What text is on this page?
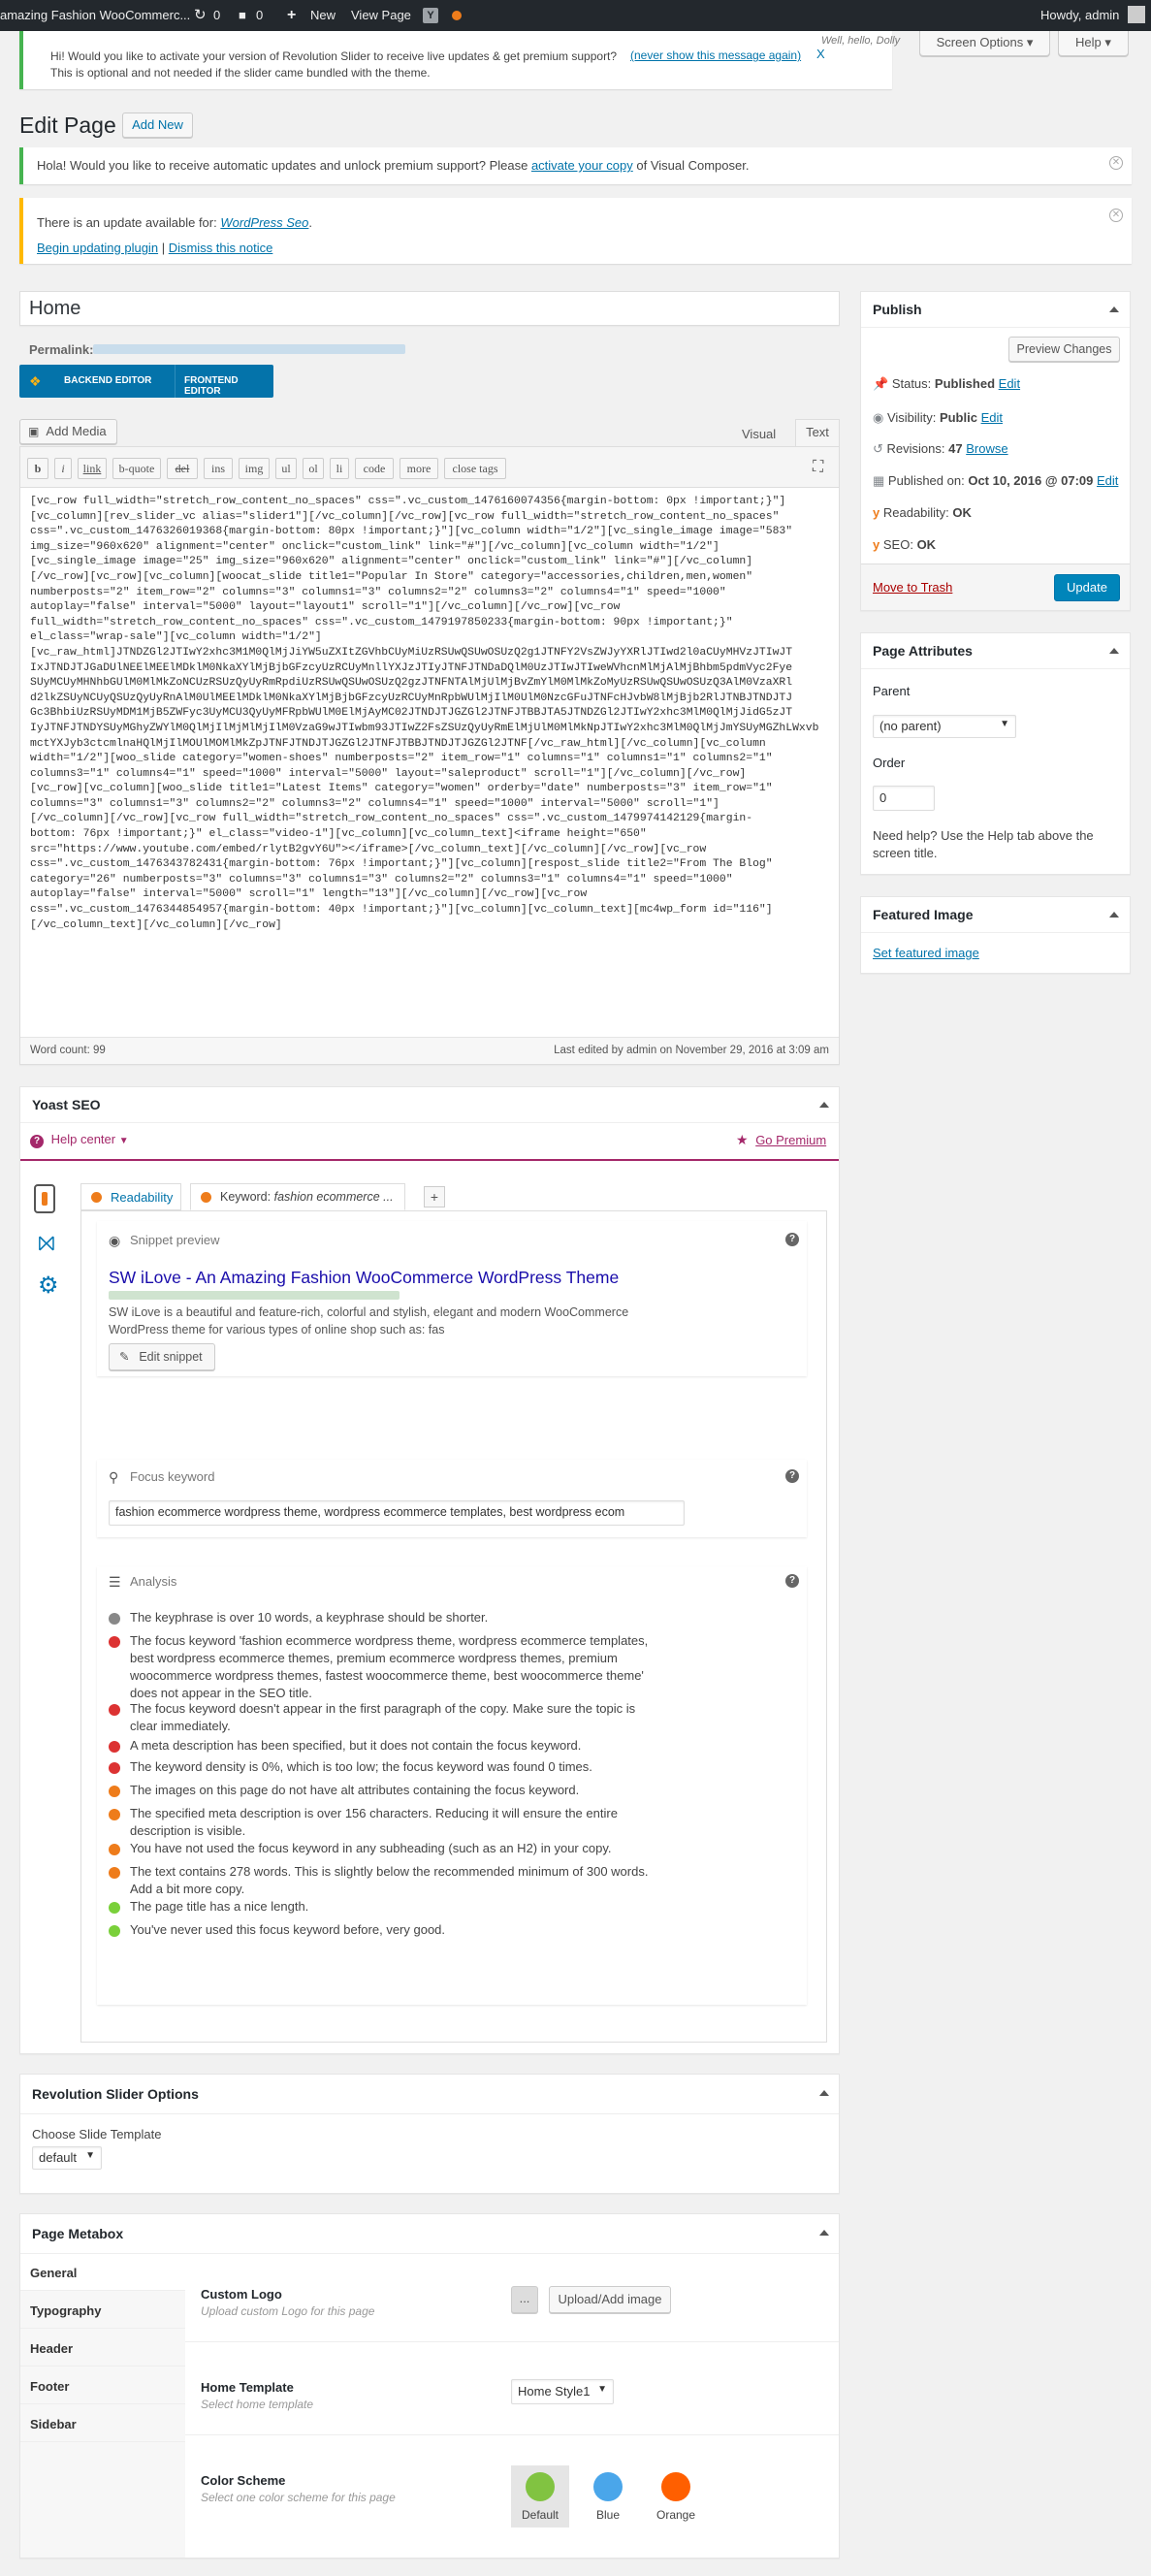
amazing Fashion WooCommerc... ↻ 0 ■ 0 + New View Page	Y	Howdy, admin
Hi! Would you like to activate your version of Revolution Slider to receive live updates & get premium support? This is optional and not needed if the slider came bundled with the theme.
(never show this message again) X
Well, hello, Dolly	Screen Options ▾	Help ▾
Edit Page	Add New
Hola! Would you like to receive automatic updates and unlock premium support? Please activate your copy of Visual Composer.	✕
There is an update available for: WordPress Seo.
Begin updating plugin | Dismiss this notice
✕
Home
Permalink:
❖ BACKEND EDITOR	FRONTEND EDITOR
▣ Add Media	Visual	Text
[vc_row full_width="stretch_row_content_no_spaces" css=".vc_custom_1476160074356{margin-bottom: 0px !important;}"]
[vc_column][rev_slider_vc alias="slider1"][/vc_column][/vc_row][vc_row full_width="stretch_row_content_no_spaces"
css=".vc_custom_1476326019368{margin-bottom: 80px !important;}"][vc_column width="1/2"][vc_single_image image="583"
img_size="960x620" alignment="center" onclick="custom_link" link="#"][/vc_column][vc_column width="1/2"]
[vc_single_image image="25" img_size="960x620" alignment="center" onclick="custom_link" link="#"][/vc_column]
[/vc_row][vc_row][vc_column][woocat_slide title1="Popular In Store" category="accessories,children,men,women"
numberposts="2" item_row="2" columns="3" columns1="3" columns2="2" columns3="2" columns4="1" speed="1000"
autoplay="false" interval="5000" layout="layout1" scroll="1"][/vc_column][/vc_row][vc_row
full_width="stretch_row_content_no_spaces" css=".vc_custom_1479197850233{margin-bottom: 90px !important;}"
el_class="wrap-sale"][vc_column width="1/2"]
[vc_raw_html]JTNDZGl2JTIwY2xhc3M1M0QlMjJiYW5uZXItZGVhbCUyMiUzRSUwQSUwOSUzQ2g1JTNFY2VsZWJyYXRlJTIwd2l0aCUyMHVzJTIwJT
IxJTNDJTJGaDUlNEElMEElMDklM0NkaXYlMjBjbGFzcyUzRCUyMnllYXJzJTIyJTNFJTNDaDQlM0UzJTIwJTIweWVhcnMlMjAlMjBhbm5pdmVyc2Fye
SUyMCUyMHNhbGUlM0MlMkZoNCUzRSUzQyUyRmRpdiUzRSUwQSUwOSUzQ2gzJTNFNTAlMjUlMjBvZmYlM0MlMkZoMyUzRSUwQSUwOSUzQ3AlM0VzaXRl
d2lkZSUyNCUyQSUzQyUyRnAlM0UlMEElMDklM0NkaXYlMjBjbGFzcyUzRCUyMnRpbWUlMjIlM0UlM0NzcGFuJTNFcHJvbW8lMjBjb2RlJTNBJTNDJTJ
Gc3BhbiUzRSUyMDM1MjB5ZWFyc3UyMCU3QyUyMFRpbWUlM0ElMjAyMC02JTNDJTJGZGl2JTNFJTBBJTA5JTNDZGl2JTIwY2xhc3MlM0QlMjJidG5zJT
IyJTNFJTNDYSUyMGhyZWYlM0QlMjIlMjMlMjIlM0VzaG9wJTIwbm93JTIwZ2FsZSUzQyUyRmElMjUlM0MlMkNpJTIwY2xhc3MlM0QlMjJmYSUyMGZhLWxvb
mctYXJyb3ctcmlnaHQlMjIlMOUlMOMlMkZpJTNFJTNDJTJGZGl2JTNFJTBBJTNDJTJGZGl2JTNF[/vc_raw_html][/vc_column][vc_column
width="1/2"][woo_slide category="women-shoes" numberposts="2" item_row="1" columns="1" columns1="1" columns2="1"
columns3="1" columns4="1" speed="1000" interval="5000" layout="saleproduct" scroll="1"][/vc_column][/vc_row]
[vc_row][vc_column][woo_slide title1="Latest Items" category="women" orderby="date" numberposts="3" item_row="1"
columns="3" columns1="3" columns2="2" columns3="2" columns4="1" speed="1000" interval="5000" scroll="1"]
[/vc_column][/vc_row][vc_row full_width="stretch_row_content_no_spaces" css=".vc_custom_1479974142129{margin-
bottom: 76px !important;}" el_class="video-1"][vc_column][vc_column_text]<iframe height="650"
src="https://www.youtube.com/embed/rlytB2gvY6U"></iframe>[/vc_column_text][/vc_column][/vc_row][vc_row
css=".vc_custom_1476343782431{margin-bottom: 76px !important;}"][vc_column][respost_slide title2="From The Blog"
category="26" numberposts="3" columns="3" columns1="3" columns2="2" columns3="1" columns4="1" speed="1000"
autoplay="false" interval="5000" scroll="1" length="13"][/vc_column][/vc_row][vc_row
css=".vc_custom_1476344854957{margin-bottom: 40px !important;}"][vc_column][vc_column_text][mc4wp_form id="116"]
[/vc_column_text][/vc_column][/vc_row]
Word count: 99	Last edited by admin on November 29, 2016 at 3:09 am
b	i	link	b-quote	del	ins	img	ul	ol	li	code	more	close tags	⛶
Publish
Preview Changes
📌 Status: Published Edit
◉ Visibility: Public Edit
↺ Revisions: 47 Browse
▦ Published on: Oct 10, 2016 @ 07:09 Edit
y Readability: OK
y SEO: OK
Move to Trash	Update
Page Attributes
Parent
(no parent)	▼
Order
0
Need help? Use the Help tab above the screen title.
Featured Image
Set featured image
Yoast SEO
? Help center ▼	★ Go Premium
⨝
⚙
Readability	Keyword: fashion ecommerce ...	+
◉ Snippet preview	?
SW iLove - An Amazing Fashion WooCommerce WordPress Theme
SW iLove is a beautiful and feature-rich, colorful and stylish, elegant and modern WooCommerce WordPress theme for various types of online shop such as: fas
✎ Edit snippet
⚲ Focus keyword	?
fashion ecommerce wordpress theme, wordpress ecommerce templates, best wordpress ecom
☰ Analysis	?
The keyphrase is over 10 words, a keyphrase should be shorter.
The focus keyword 'fashion ecommerce wordpress theme, wordpress ecommerce templates, best wordpress ecommerce themes, premium ecommerce wordpress themes, premium woocommerce wordpress themes, fastest woocommerce theme, best woocommerce theme' does not appear in the SEO title.
The focus keyword doesn't appear in the first paragraph of the copy. Make sure the topic is clear immediately.
A meta description has been specified, but it does not contain the focus keyword.
The keyword density is 0%, which is too low; the focus keyword was found 0 times.
The images on this page do not have alt attributes containing the focus keyword.
The specified meta description is over 156 characters. Reducing it will ensure the entire description is visible.
You have not used the focus keyword in any subheading (such as an H2) in your copy.
The text contains 278 words. This is slightly below the recommended minimum of 300 words. Add a bit more copy.
The page title has a nice length.
You've never used this focus keyword before, very good.
Revolution Slider Options
Choose Slide Template
default ▼
Page Metabox
General
Typography
Header
Footer
Sidebar
Custom Logo
Upload custom Logo for this page
...	Upload/Add image
Home Template
Select home template
Home Style1 ▼
Color Scheme
Select one color scheme for this page
Default	Blue	Orange
